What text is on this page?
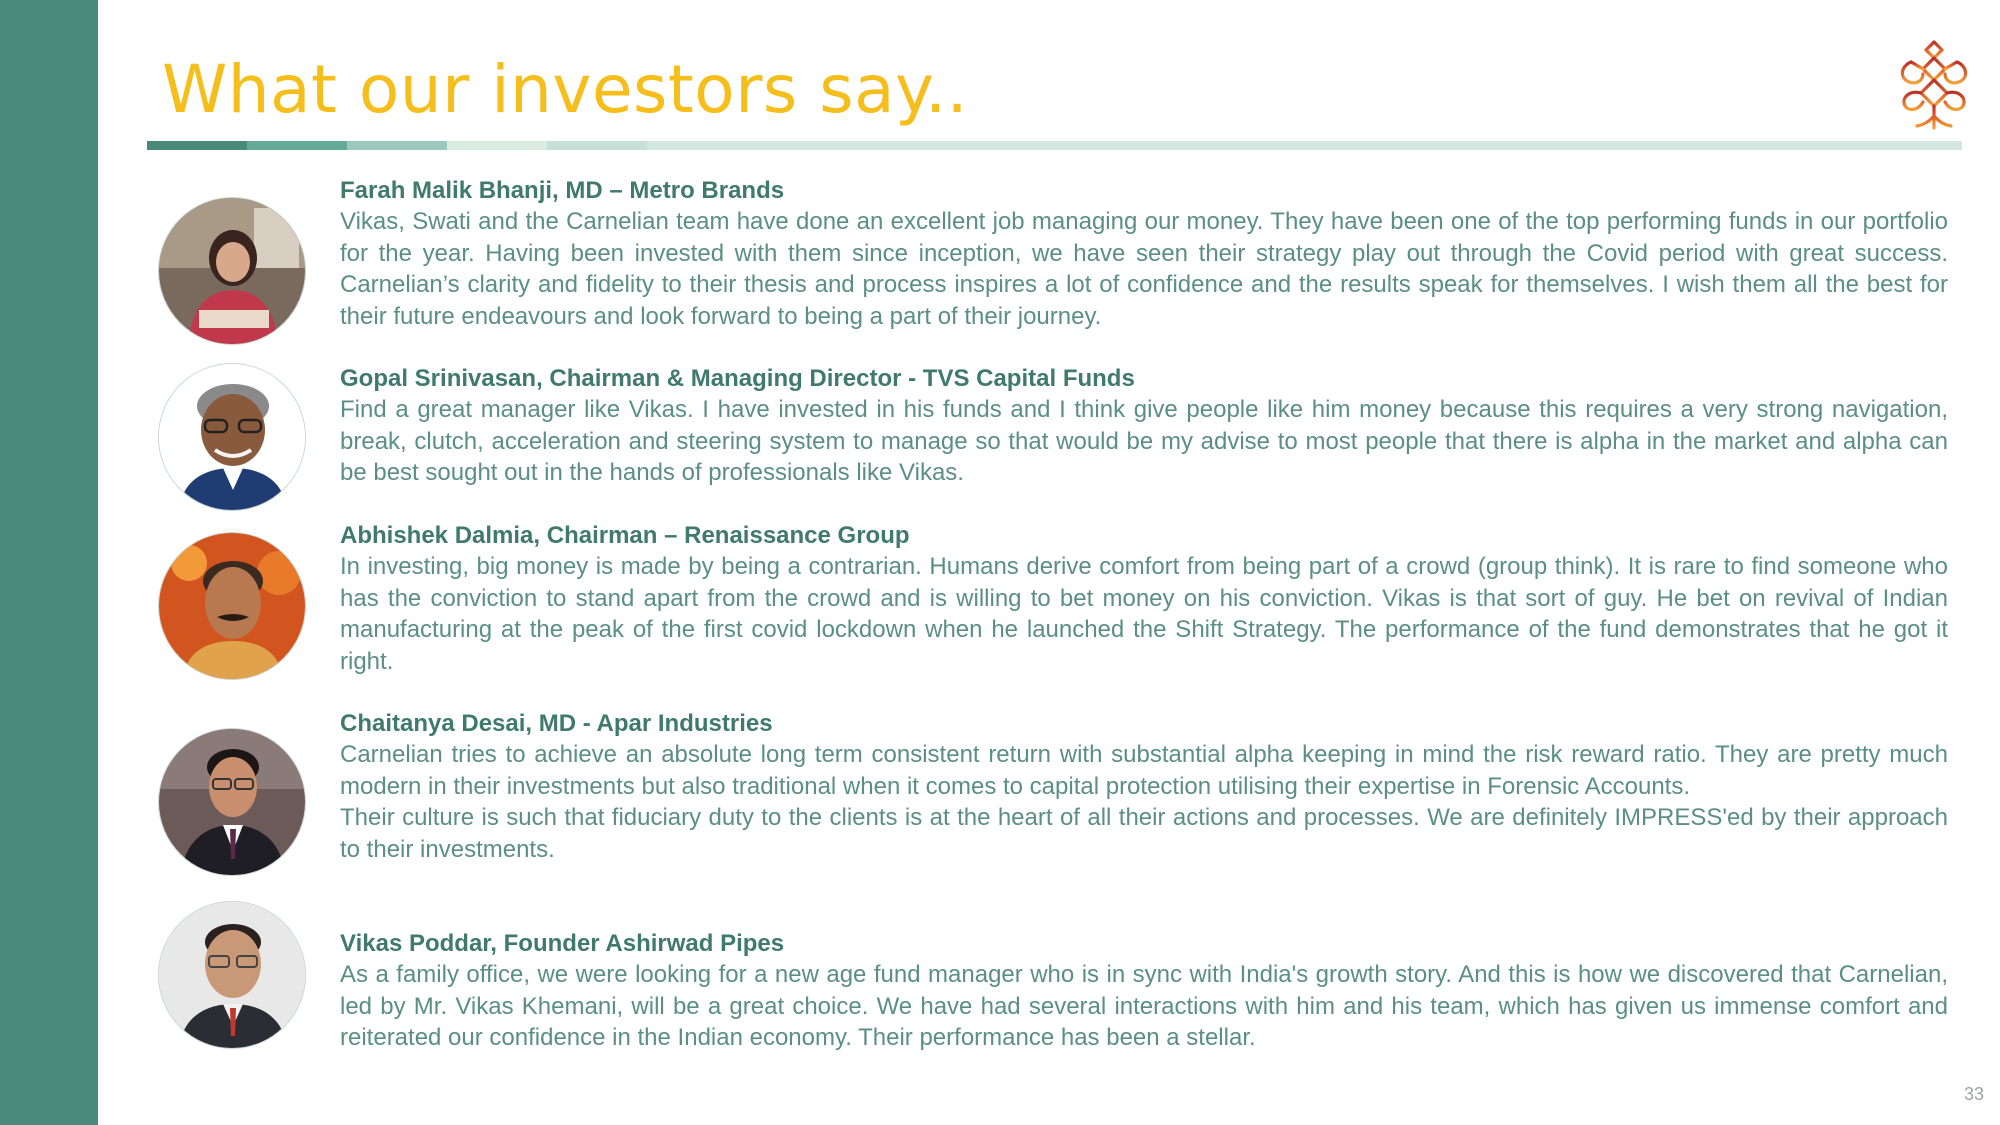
What our investors say..

Farah Malik Bhanji, MD – Metro Brands

Vikas, Swati and the Carnelian team have done an excellent job managing our money. They have been one of the top performing funds in our portfolio for the year. Having been invested with them since inception, we have seen their strategy play out through the Covid period with great success. Carnelian’s clarity and fidelity to their thesis and process inspires a lot of confidence and the results speak for themselves. I wish them all the best for their future endeavours and look forward to being a part of their journey.

Gopal Srinivasan, Chairman & Managing Director - TVS Capital Funds

Find a great manager like Vikas. I have invested in his funds and I think give people like him money because this requires a very strong navigation, break, clutch, acceleration and steering system to manage so that would be my advise to most people that there is alpha in the market and alpha can be best sought out in the hands of professionals like Vikas.

Abhishek Dalmia, Chairman – Renaissance Group

In investing, big money is made by being a contrarian. Humans derive comfort from being part of a crowd (group think). It is rare to find someone who has the conviction to stand apart from the crowd and is willing to bet money on his conviction. Vikas is that sort of guy. He bet on revival of Indian manufacturing at the peak of the first covid lockdown when he launched the Shift Strategy. The performance of the fund demonstrates that he got it right.

Chaitanya Desai, MD - Apar Industries

Carnelian tries to achieve an absolute long term consistent return with substantial alpha keeping in mind the risk reward ratio. They are pretty much modern in their investments but also traditional when it comes to capital protection utilising their expertise in Forensic Accounts.

Their culture is such that fiduciary duty to the clients is at the heart of all their actions and processes. We are definitely IMPRESS'ed by their approach to their investments.

Vikas Poddar, Founder Ashirwad Pipes

As a family office, we were looking for a new age fund manager who is in sync with India's growth story. And this is how we discovered that Carnelian, led by Mr. Vikas Khemani, will be a great choice. We have had several interactions with him and his team, which has given us immense comfort and reiterated our confidence in the Indian economy. Their performance has been a stellar.

33
